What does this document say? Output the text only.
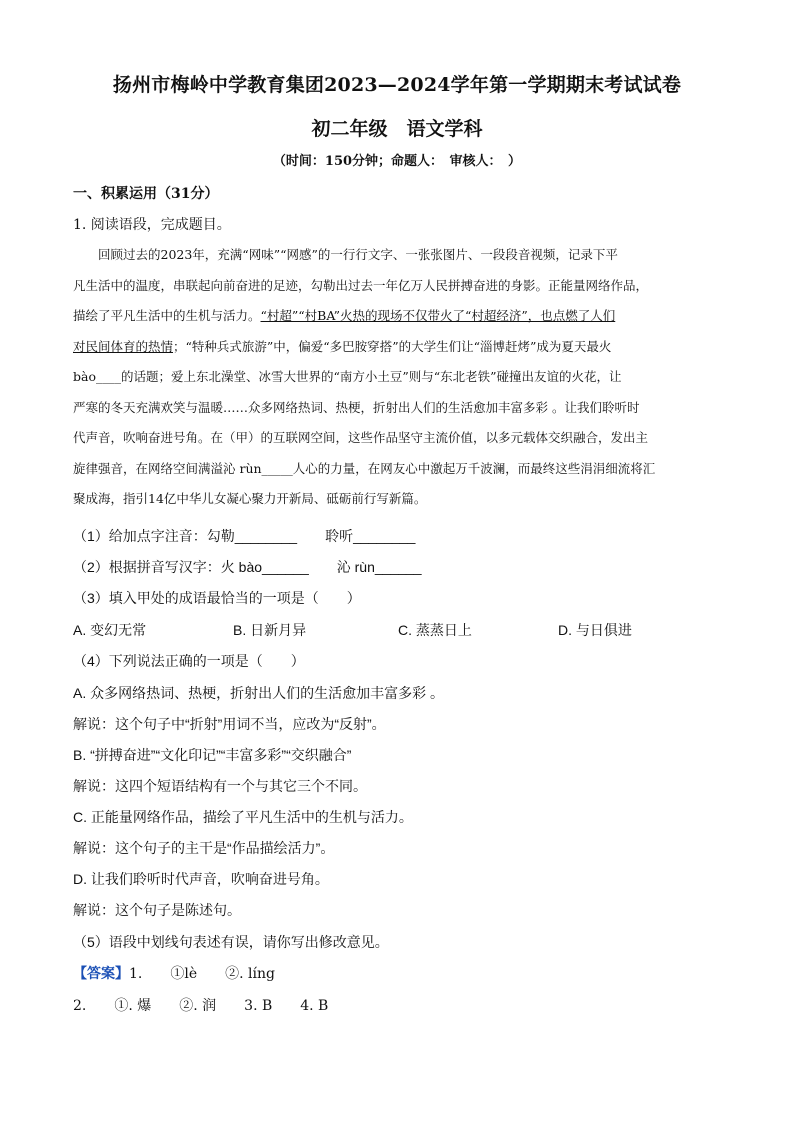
扬州市梅岭中学教育集团2023—2024学年第一学期期末考试试卷
初二年级　语文学科
（时间：150分钟；命题人：　审核人：　）
一、积累运用（31分）
1. 阅读语段，完成题目。
　　回顾过去的2023年，充满“网味”“网感”的一行行文字、一张张图片、一段段音视频，记录下平
凡生活中的温度，串联起向前奋进的足迹，勾勒出过去一年亿万人民拼搏奋进的身影。正能量网络作品，
描绘了平凡生活中的生机与活力。“村超”“村BA”火热的现场不仅带火了“村超经济”，也点燃了人们
对民间体育的热情；“特种兵式旅游”中，偏爱“多巴胺穿搭”的大学生们让“淄博赶烤”成为夏天最火
bào____的话题；爱上东北澡堂、冰雪大世界的“南方小土豆”则与“东北老铁”碰撞出友谊的火花，让
严寒的冬天充满欢笑与温暖……众多网络热词、热梗，折射出人们的生活愈加丰富多彩 。让我们聆听时
代声音，吹响奋进号角。在（甲）的互联网空间，这些作品坚守主流价值，以多元载体交织融合，发出主
旋律强音，在网络空间满溢沁 rùn_____人心的力量，在网友心中激起万千波澜，而最终这些涓涓细流将汇
聚成海，指引14亿中华儿女凝心聚力开新局、砥砺前行写新篇。
（1）给加点字注音：勾勒________　　聆听________
（2）根据拼音写汉字：火 bào______　　沁 rùn______
（3）填入甲处的成语最恰当的一项是（　　）
A. 变幻无常	B. 日新月异	C. 蒸蒸日上	D. 与日俱进
（4）下列说法正确的一项是（　　）
A. 众多网络热词、热梗，折射出人们的生活愈加丰富多彩 。
解说：这个句子中“折射”用词不当，应改为“反射”。
B. “拼搏奋进”“文化印记”“丰富多彩”“交织融合”
解说：这四个短语结构有一个与其它三个不同。
C. 正能量网络作品，描绘了平凡生活中的生机与活力。
解说：这个句子的主干是“作品描绘活力”。
D. 让我们聆听时代声音，吹响奋进号角。
解说：这个句子是陈述句。
（5）语段中划线句表述有误，请你写出修改意见。
【答案】1.　　①lè　　②. líng
2.　　①. 爆　　②. 润　　3. B　　4. B
